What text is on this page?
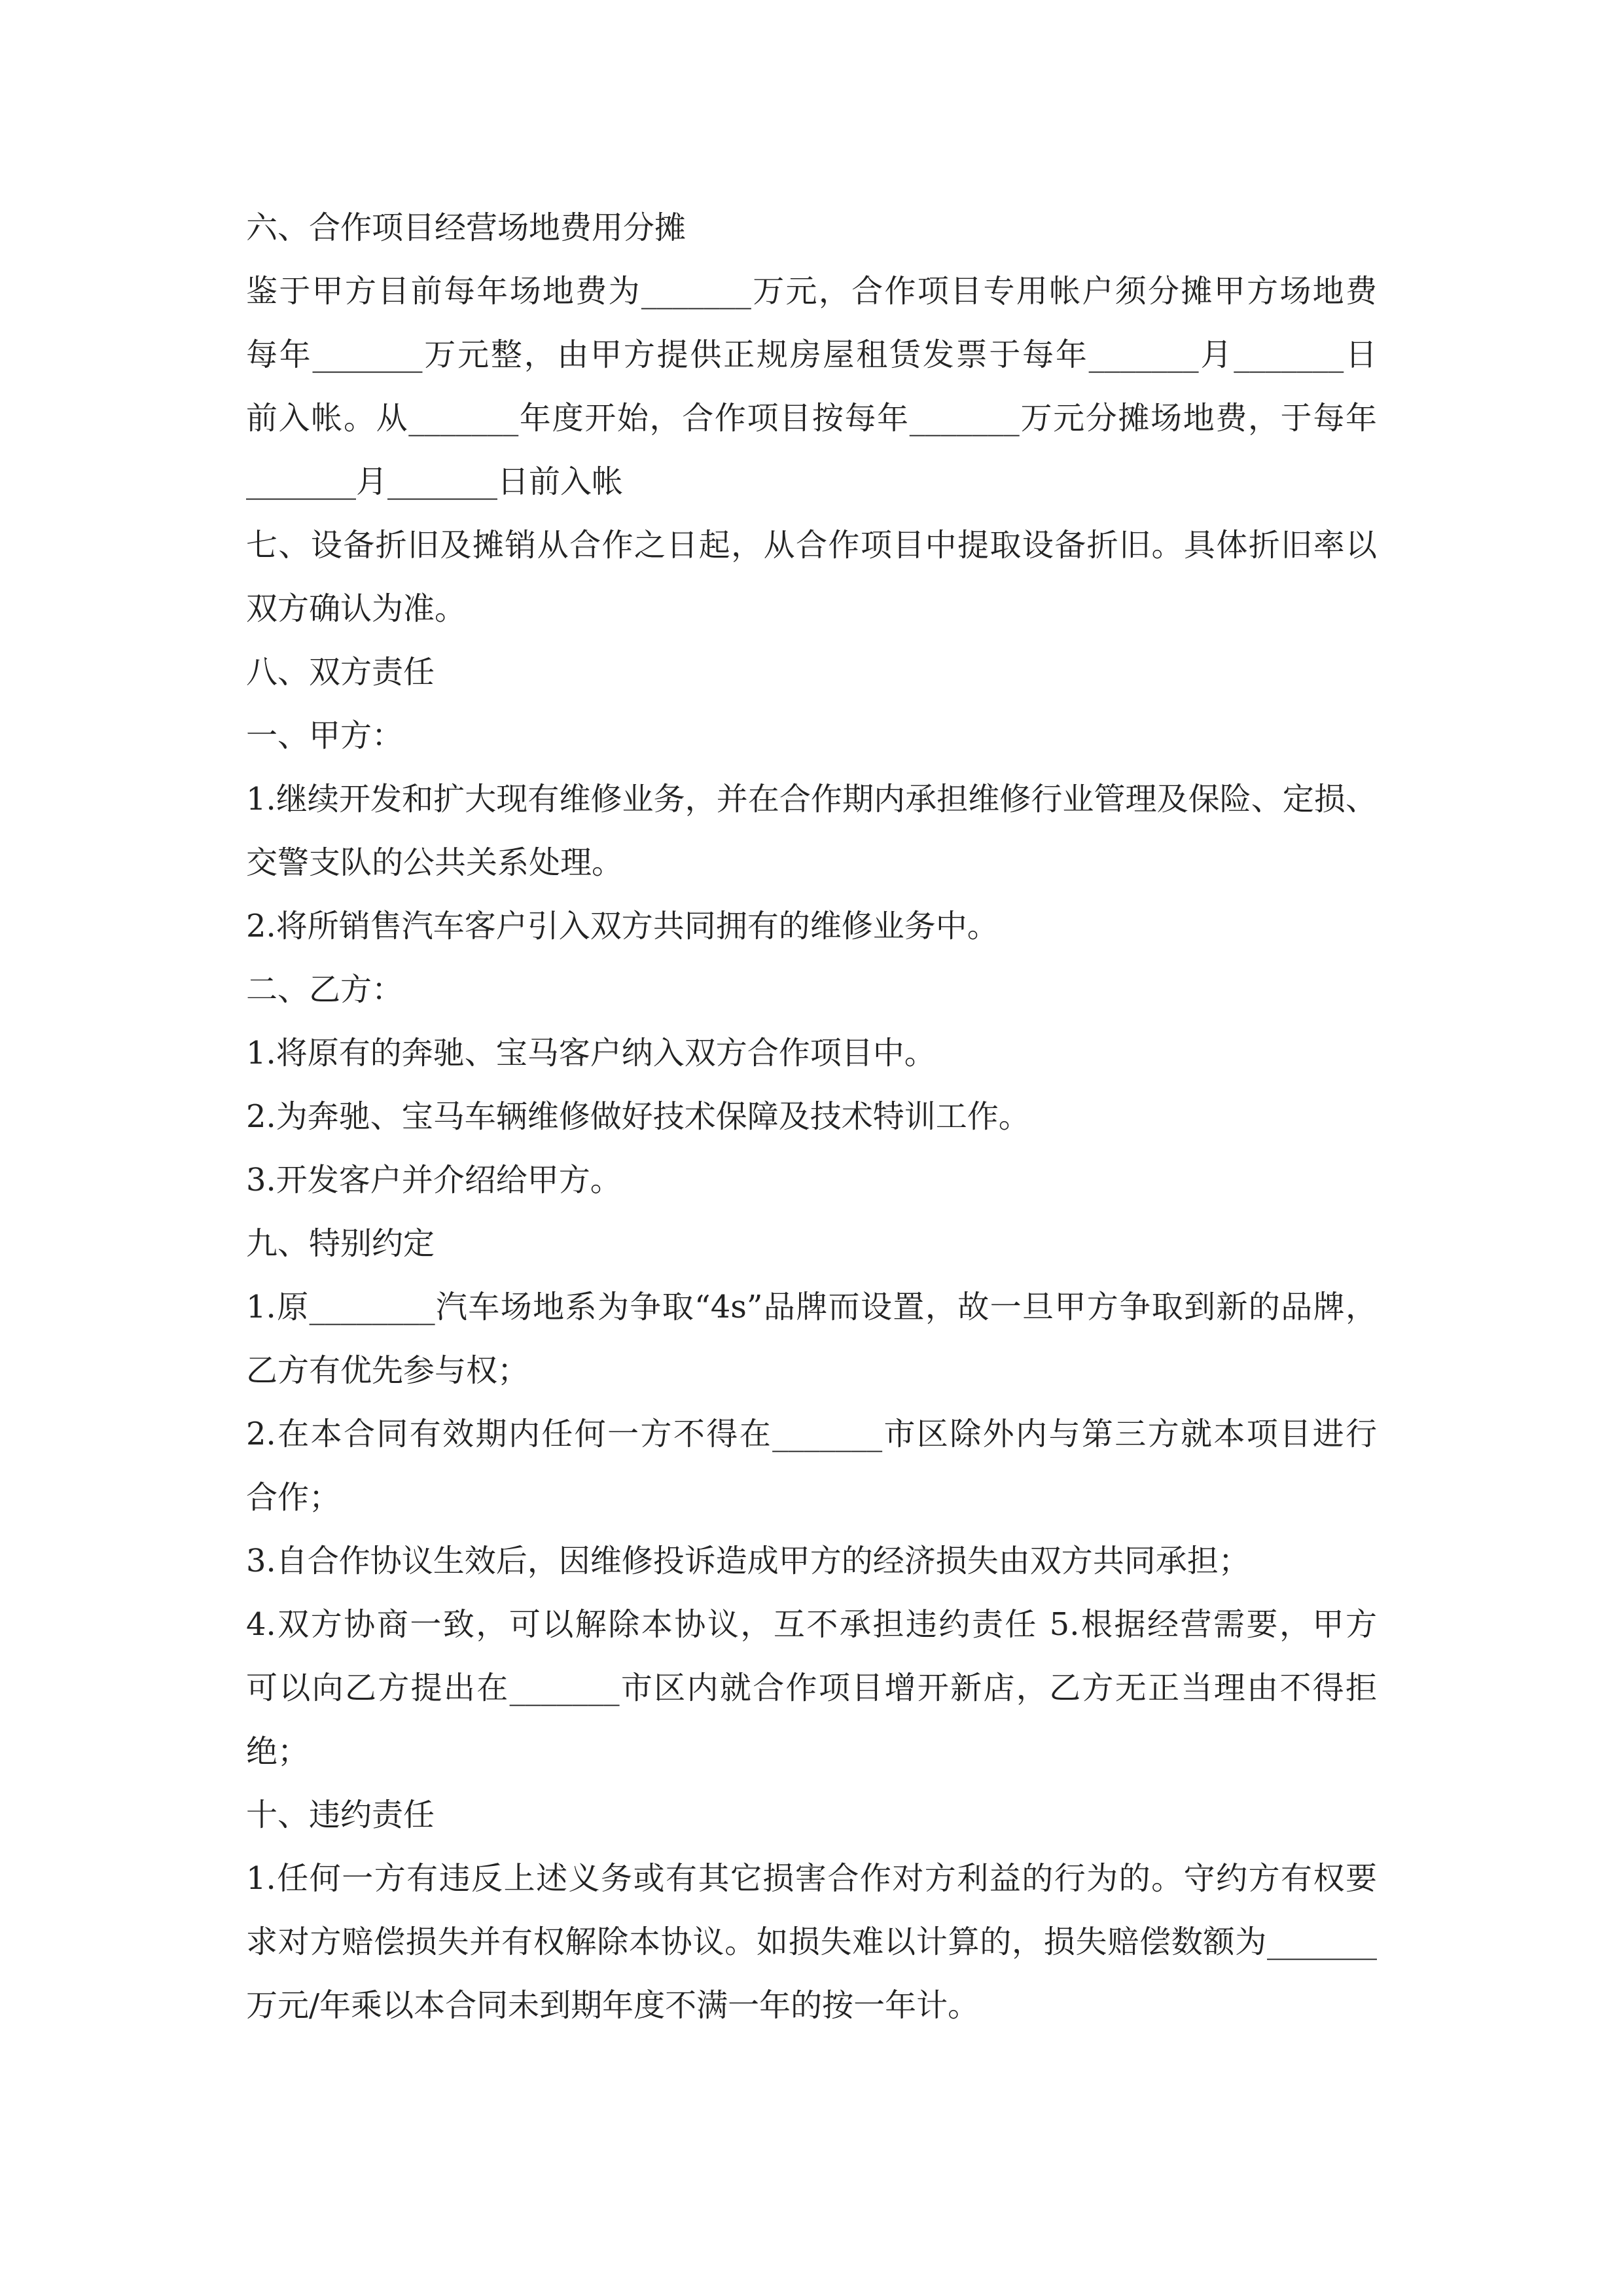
六、合作项目经营场地费用分摊
鉴于甲方目前每年场地费为_______万元，合作项目专用帐户须分摊甲方场地费
每年_______万元整，由甲方提供正规房屋租赁发票于每年_______月_______日
前入帐。从_______年度开始，合作项目按每年_______万元分摊场地费，于每年
_______月_______日前入帐
七、设备折旧及摊销从合作之日起，从合作项目中提取设备折旧。具体折旧率以
双方确认为准。
八、双方责任
一、甲方：
1.继续开发和扩大现有维修业务，并在合作期内承担维修行业管理及保险、定损、
交警支队的公共关系处理。
2.将所销售汽车客户引入双方共同拥有的维修业务中。
二、乙方：
1.将原有的奔驰、宝马客户纳入双方合作项目中。
2.为奔驰、宝马车辆维修做好技术保障及技术特训工作。
3.开发客户并介绍给甲方。
九、特别约定
1.原________汽车场地系为争取“4s”品牌而设置，故一旦甲方争取到新的品牌，
乙方有优先参与权；
2.在本合同有效期内任何一方不得在_______市区除外内与第三方就本项目进行
合作；
3.自合作协议生效后，因维修投诉造成甲方的经济损失由双方共同承担；
4.双方协商一致，可以解除本协议，互不承担违约责任 5.根据经营需要，甲方
可以向乙方提出在_______市区内就合作项目增开新店，乙方无正当理由不得拒
绝；
十、违约责任
1.任何一方有违反上述义务或有其它损害合作对方利益的行为的。守约方有权要
求对方赔偿损失并有权解除本协议。如损失难以计算的，损失赔偿数额为_______
万元/年乘以本合同未到期年度不满一年的按一年计。
